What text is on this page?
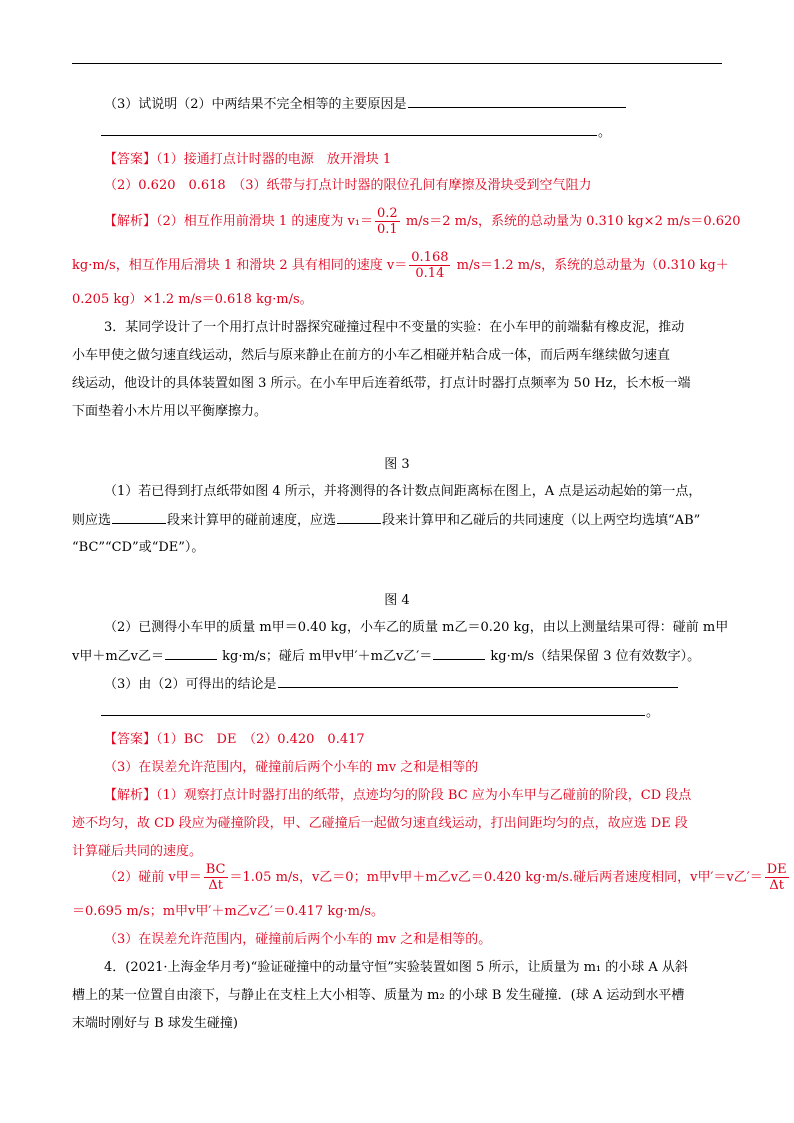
（3）试说明（2）中两结果不完全相等的主要原因是
。
【答案】（1）接通打点计时器的电源　放开滑块 1
（2）0.620　0.618　（3）纸带与打点计时器的限位孔间有摩擦及滑块受到空气阻力
【解析】（2）相互作用前滑块 1 的速度为 $v_1= \frac{0.2}{0.1} m/s=2$ m/s，系统的总动量为 0.310 kg×2 m/s＝0.620
kg·m/s，相互作用后滑块 1 和滑块 2 具有相同的速度 $v= \frac{0.168}{0.14} m/s=1.2$ m/s，系统的总动量为（0.310 kg＋
0.205 kg）×1.2 m/s＝0.618 kg·m/s。
3．某同学设计了一个用打点计时器探究碰撞过程中不变量的实验：在小车甲的前端黏有橡皮泥，推动
小车甲使之做匀速直线运动，然后与原来静止在前方的小车乙相碰并粘合成一体，而后两车继续做匀速直
线运动，他设计的具体装置如图 3 所示。在小车甲后连着纸带，打点计时器打点频率为 50 Hz，长木板一端
下面垫着小木片用以平衡摩擦力。
图 3
（1）若已得到打点纸带如图 4 所示，并将测得的各计数点间距离标在图上，A 点是运动起始的第一点，
则应选	段来计算甲的碰前速度，应选	段来计算甲和乙碰后的共同速度（以上两空均选填“AB”
“BC”“CD”或“DE”）。
图 4
（2）已测得小车甲的质量 m甲＝0.40 kg，小车乙的质量 m乙＝0.20 kg，由以上测量结果可得：碰前 m甲
v甲＋m乙v乙＝	kg·m/s；碰后 m甲v甲′＋m乙v乙′＝	kg·m/s（结果保留 3 位有效数字）。
（3）由（2）可得出的结论是
。
【答案】（1）BC　DE　（2）0.420　0.417
（3）在误差允许范围内，碰撞前后两个小车的 mv 之和是相等的
【解析】（1）观察打点计时器打出的纸带，点迹均匀的阶段 BC 应为小车甲与乙碰前的阶段，CD 段点
迹不均匀，故 CD 段应为碰撞阶段，甲、乙碰撞后一起做匀速直线运动，打出间距均匀的点，故应选 DE 段
计算碰后共同的速度。
（2）碰前 v甲＝ $\frac{BC}{\Delta t} =1.05$ m/s，v乙＝0；m甲v甲＋m乙v乙＝0.420 kg·m/s.碰后两者速度相同，v甲′＝v乙′＝ $\frac{DE}{\Delta t}$
＝0.695 m/s；m甲v甲′＋m乙v乙′＝0.417 kg·m/s。
（3）在误差允许范围内，碰撞前后两个小车的 mv 之和是相等的。
4．(2021·上海金华月考)“验证碰撞中的动量守恒”实验装置如图 5 所示，让质量为 m₁ 的小球 A 从斜
槽上的某一位置自由滚下，与静止在支柱上大小相等、质量为 m₂ 的小球 B 发生碰撞．(球 A 运动到水平槽
末端时刚好与 B 球发生碰撞)
